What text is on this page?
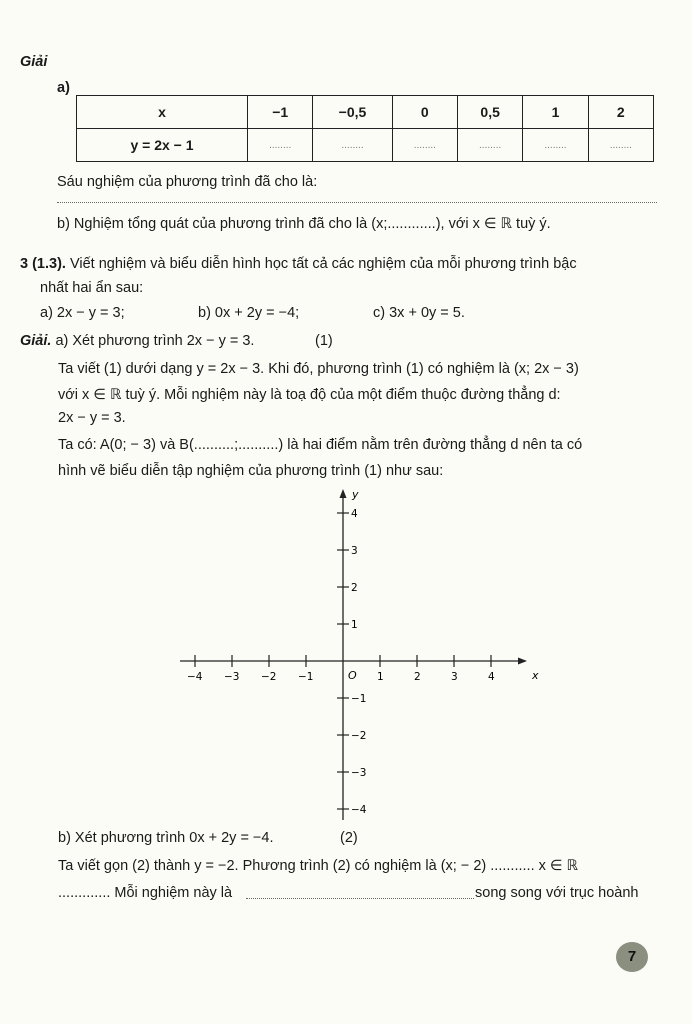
Giải
a)
x	−1	−0,5	0	0,5	1	2
y = 2x − 1	........	........	........	........	........	........
Sáu nghiệm của phương trình đã cho là:
b) Nghiệm tổng quát của phương trình đã cho là (x;............), với x ∈ ℝ tuỳ ý.
3 (1.3). Viết nghiệm và biểu diễn hình học tất cả các nghiệm của mỗi phương trình bậc
nhất hai ẩn sau:
a) 2x − y = 3;	b) 0x + 2y = −4;	c) 3x + 0y = 5.
Giải. a) Xét phương trình 2x − y = 3.	(1)
Ta viết (1) dưới dạng y = 2x − 3. Khi đó, phương trình (1) có nghiệm là (x; 2x − 3)
với x ∈ ℝ tuỳ ý. Mỗi nghiệm này là toạ độ của một điểm thuộc đường thẳng d:
2x − y = 3.
Ta có: A(0; − 3) và B(..........;..........) là hai điểm nằm trên đường thẳng d nên ta có
hình vẽ biểu diễn tập nghiệm của phương trình (1) như sau:
x
y
O
−4 −3 −2 −1	1	2	3	4
4
3
2
1
−1
−2
−3
−4
b) Xét phương trình 0x + 2y = −4.	(2)
Ta viết gọn (2) thành y = −2. Phương trình (2) có nghiệm là (x; − 2) ........... x ∈ ℝ
............. Mỗi nghiệm này là	song song với trục hoành
7
